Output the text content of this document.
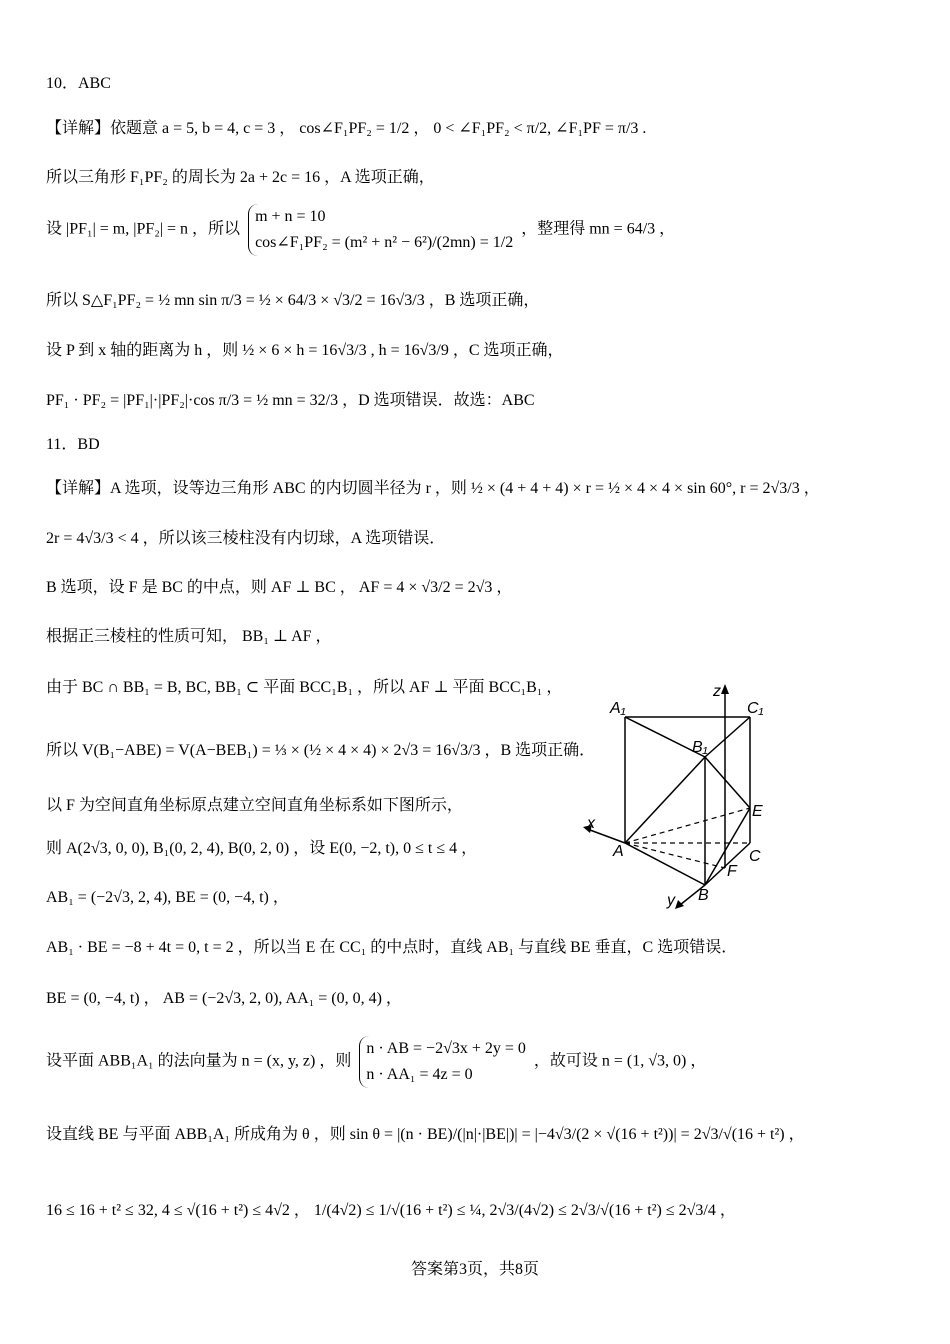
10．ABC
【详解】依题意 a = 5, b = 4, c = 3 ， cos∠F₁PF₂ = 1/2 ， 0 < ∠F₁PF₂ < π/2, ∠F₁PF = π/3 .
所以三角形 F₁PF₂ 的周长为 2a + 2c = 16 ，A 选项正确，
设 |PF₁| = m, |PF₂| = n ，所以
m + n = 10
cos∠F₁PF₂ = (m² + n² − 6²)/(2mn) = 1/2
，整理得 mn = 64/3 ，
所以 S△F₁PF₂ = ½ mn sin π/3 = ½ × 64/3 × √3/2 = 16√3/3 ，B 选项正确，
设 P 到 x 轴的距离为 h ，则 ½ × 6 × h = 16√3/3 , h = 16√3/9 ，C 选项正确，
PF₁ · PF₂ = |PF₁|·|PF₂|·cos π/3 = ½ mn = 32/3 ，D 选项错误．故选：ABC
11．BD
【详解】A 选项，设等边三角形 ABC 的内切圆半径为 r ，则 ½ × (4 + 4 + 4) × r = ½ × 4 × 4 × sin 60°, r = 2√3/3 ，
2r = 4√3/3 < 4 ，所以该三棱柱没有内切球，A 选项错误．
B 选项，设 F 是 BC 的中点，则 AF ⊥ BC ， AF = 4 × √3/2 = 2√3 ，
根据正三棱柱的性质可知， BB₁ ⊥ AF ，
由于 BC ∩ BB₁ = B, BC, BB₁ ⊂ 平面 BCC₁B₁ ，所以 AF ⊥ 平面 BCC₁B₁ ，
所以 V(B₁−ABE) = V(A−BEB₁) = ⅓ × (½ × 4 × 4) × 2√3 = 16√3/3 ，B 选项正确．
以 F 为空间直角坐标原点建立空间直角坐标系如下图所示，
则 A(2√3, 0, 0), B₁(0, 2, 4), B(0, 2, 0) ，设 E(0, −2, t), 0 ≤ t ≤ 4 ，
AB₁ = (−2√3, 2, 4), BE = (0, −4, t) ，
AB₁ · BE = −8 + 4t = 0, t = 2 ，所以当 E 在 CC₁ 的中点时，直线 AB₁ 与直线 BE 垂直，C 选项错误．
BE = (0, −4, t) ， AB = (−2√3, 2, 0), AA₁ = (0, 0, 4) ，
设平面 ABB₁A₁ 的法向量为 n = (x, y, z) ，则
n · AB = −2√3x + 2y = 0
n · AA₁ = 4z = 0
，故可设 n = (1, √3, 0) ，
设直线 BE 与平面 ABB₁A₁ 所成角为 θ ，则 sin θ = |(n · BE)/(|n|·|BE|)| = |−4√3/(2 × √(16 + t²))| = 2√3/√(16 + t²) ，
16 ≤ 16 + t² ≤ 32, 4 ≤ √(16 + t²) ≤ 4√2 ， 1/(4√2) ≤ 1/√(16 + t²) ≤ ¼, 2√3/(4√2) ≤ 2√3/√(16 + t²) ≤ 2√3/4 ，
A₁	C₁
B₁
E
A	C
F
B
x
y
z
答案第3页，共8页
